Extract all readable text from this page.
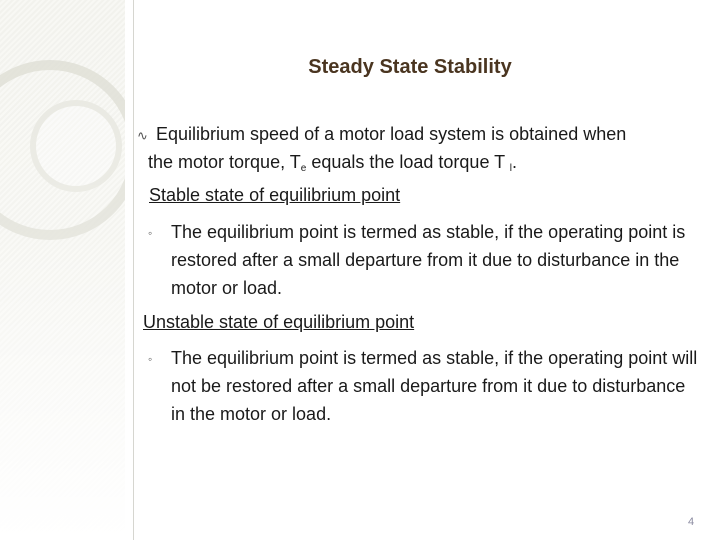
Steady State Stability
∿ Equilibrium speed of a motor load system is obtained when
the motor torque, $T_e$ equals the load torque T $_l$.
Stable state of equilibrium point
◦ The equilibrium point is termed as stable, if the operating point is restored after a small departure from it due to disturbance in the motor or load.
Unstable state of equilibrium point
◦ The equilibrium point is termed as stable, if the operating point will not be restored after a small departure from it due to disturbance in the motor or load.
4
